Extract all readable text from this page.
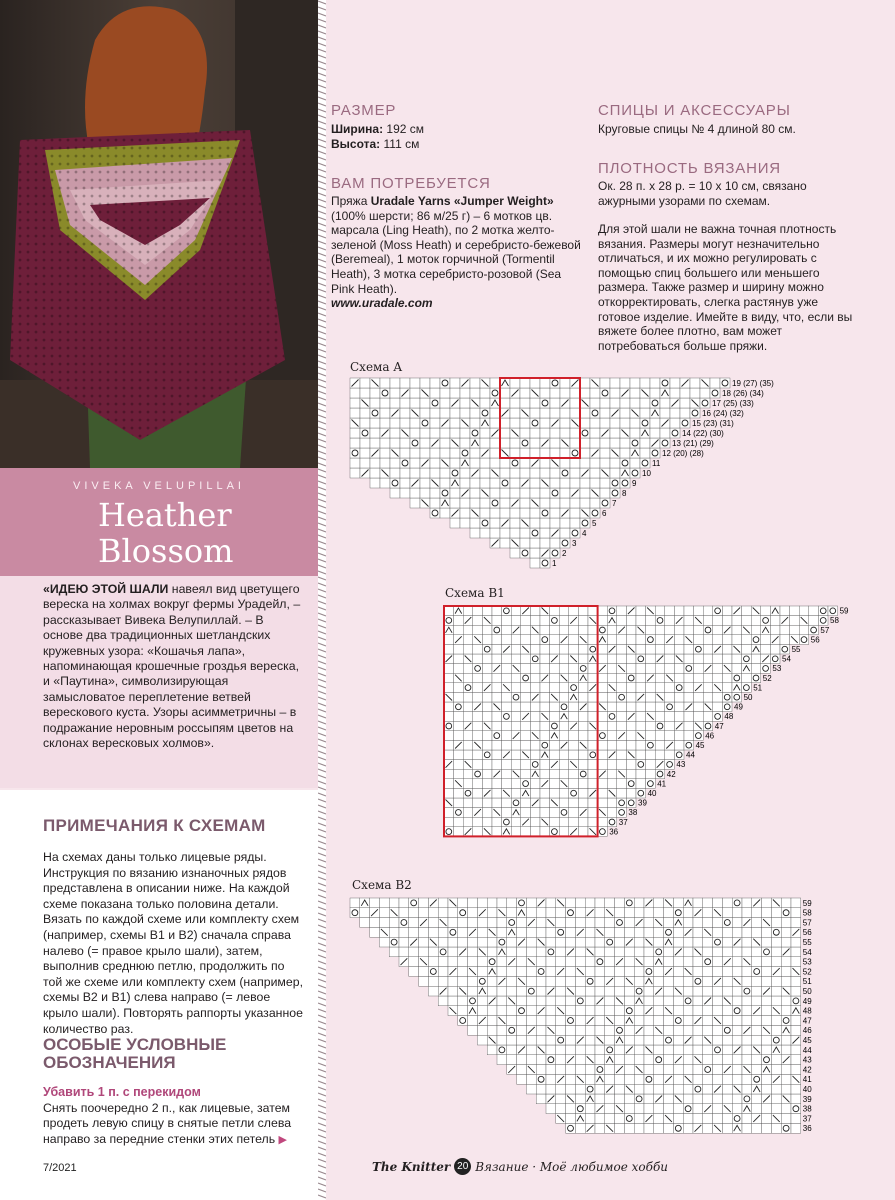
VIVEKA VELUPILLAI
Heather
Blossom

«ИДЕЮ ЭТОЙ ШАЛИ навеял вид цветущего вереска на холмах вокруг фермы Урадейл, – рассказывает Вивека Велупиллай. – В основе два традиционных шетландских кружевных узора: «Кошачья лапа», напоминающая крошечные гроздья вереска, и «Паутина», символизирующая замысловатое переплетение ветвей верескового куста. Узоры асимметричны – в подражание неровным россыпям цветов на склонах вересковых холмов».

ПРИМЕЧАНИЯ К СХЕМАМ

На схемах даны только лицевые ряды. Инструкция по вязанию изнаночных рядов представлена в описании ниже. На каждой схеме показана только половина детали. Вязать по каждой схеме или комплекту схем (например, схемы В1 и В2) сначала справа налево (= правое крыло шали), затем, выполнив среднюю петлю, продолжить по той же схеме или комплекту схем (например, схемы В2 и В1) слева направо (= левое крыло шали). Повторять раппорты указанное количество раз.

ОСОБЫЕ УСЛОВНЫЕ ОБОЗНАЧЕНИЯ
Убавить 1 п. с перекидом

Снять поочередно 2 п., как лицевые, затем продеть левую спицу в снятые петли слева направо за передние стенки этих петель ▶

7/2021
РАЗМЕР

Ширина: 192 см
Высота: 111 см

ВАМ ПОТРЕБУЕТСЯ

Пряжа Uradale Yarns «Jumper Weight» (100% шерсти; 86 м/25 г) – 6 мотков цв. марсала (Ling Heath), по 2 мотка желто-зеленой (Moss Heath) и серебристо-бежевой (Beremeal), 1 моток горчичной (Tormentil Heath), 3 мотка серебристо-розовой (Sea Pink Heath).
www.uradale.com

СПИЦЫ И АКСЕССУАРЫ

Круговые спицы № 4 длиной 80 см.

ПЛОТНОСТЬ ВЯЗАНИЯ

Ок. 28 п. х 28 р. = 10 х 10 см, связано ажурными узорами по схемам.

Для этой шали не важна точная плотность вязания. Размеры могут незначительно отличаться, и их можно регулировать с помощью спиц большего или меньшего размера. Также размер и ширину можно откорректировать, слегка растянув уже готовое изделие. Имейте в виду, что, если вы вяжете более плотно, вам может потребоваться больше пряжи.

Схема A
1
2
3
4
5
6
7
8
9
10
11
12 (20) (28)
13 (21) (29)
14 (22) (30)
15 (23) (31)
16 (24) (32)
17 (25) (33)
18 (26) (34)
19 (27) (35)
Схема B1
36
37
38
39
40
41
42
43
44
45
46
47
48
49
50
51
52
53
54
55
56
57
58
59
Схема B2
36
37
38
39
40
41
42
43
44
45
46
47
48
49
50
51
52
53
54
55
56
57
58
59
The Knitter 20 Вязание · Моё любимое хобби
